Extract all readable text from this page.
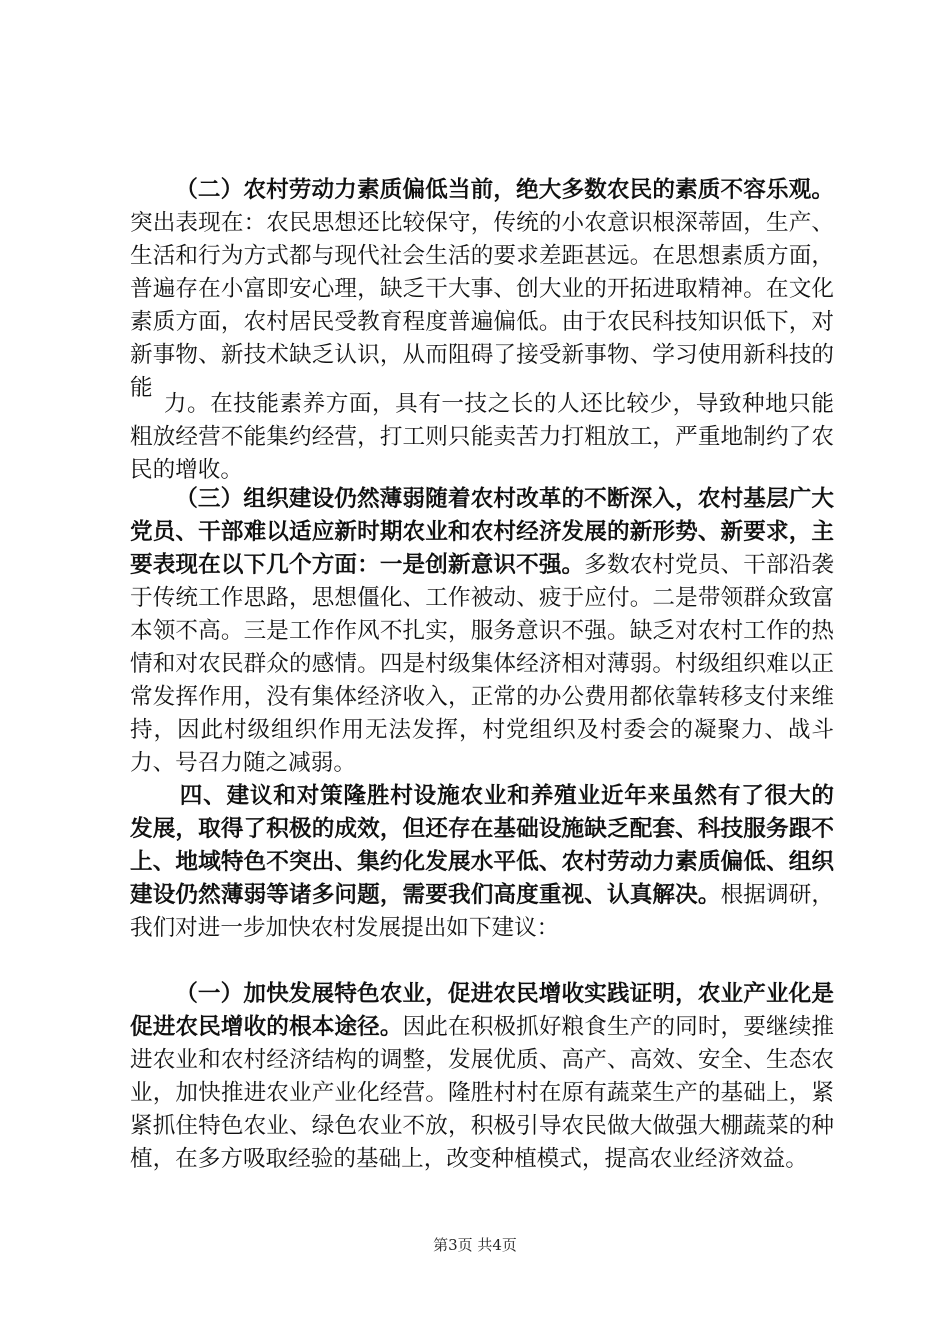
（二）农村劳动力素质偏低当前，绝大多数农民的素质不容乐观。突出表现在：农民思想还比较保守，传统的小农意识根深蒂固，生产、生活和行为方式都与现代社会生活的要求差距甚远。在思想素质方面，普遍存在小富即安心理，缺乏干大事、创大业的开拓进取精神。在文化素质方面，农村居民受教育程度普遍偏低。由于农民科技知识低下，对新事物、新技术缺乏认识，从而阻碍了接受新事物、学习使用新科技的能
力。在技能素养方面，具有一技之长的人还比较少，导致种地只能粗放经营不能集约经营，打工则只能卖苦力打粗放工，严重地制约了农民的增收。
（三）组织建设仍然薄弱随着农村改革的不断深入，农村基层广大党员、干部难以适应新时期农业和农村经济发展的新形势、新要求，主要表现在以下几个方面：一是创新意识不强。多数农村党员、干部沿袭于传统工作思路，思想僵化、工作被动、疲于应付。二是带领群众致富本领不高。三是工作作风不扎实，服务意识不强。缺乏对农村工作的热情和对农民群众的感情。四是村级集体经济相对薄弱。村级组织难以正常发挥作用，没有集体经济收入，正常的办公费用都依靠转移支付来维持，因此村级组织作用无法发挥，村党组织及村委会的凝聚力、战斗力、号召力随之减弱。
四、建议和对策隆胜村设施农业和养殖业近年来虽然有了很大的发展，取得了积极的成效，但还存在基础设施缺乏配套、科技服务跟不上、地域特色不突出、集约化发展水平低、农村劳动力素质偏低、组织建设仍然薄弱等诸多问题，需要我们高度重视、认真解决。根据调研，我们对进一步加快农村发展提出如下建议：
（一）加快发展特色农业，促进农民增收实践证明，农业产业化是促进农民增收的根本途径。因此在积极抓好粮食生产的同时，要继续推进农业和农村经济结构的调整，发展优质、高产、高效、安全、生态农业，加快推进农业产业化经营。隆胜村村在原有蔬菜生产的基础上，紧紧抓住特色农业、绿色农业不放，积极引导农民做大做强大棚蔬菜的种植，在多方吸取经验的基础上，改变种植模式，提高农业经济效益。
第3页 共4页
